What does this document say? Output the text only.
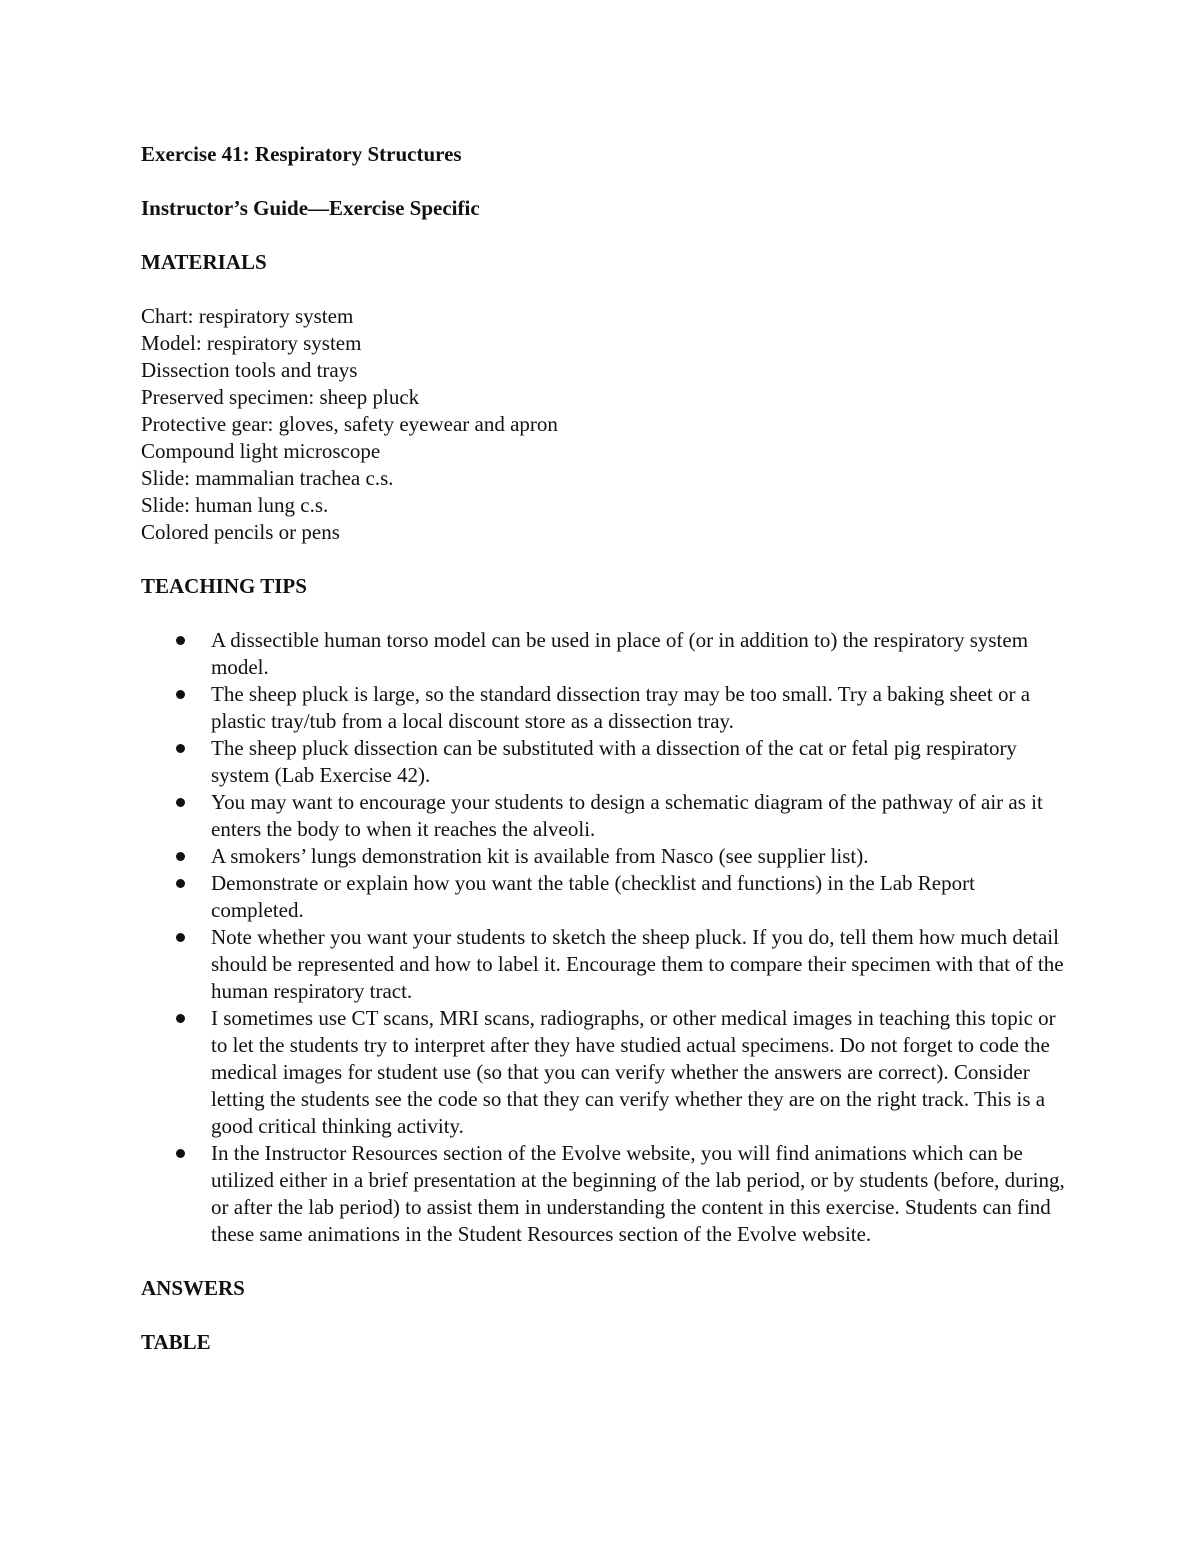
Exercise 41: Respiratory Structures

Instructor’s Guide—Exercise Specific

MATERIALS

Chart: respiratory system
Model: respiratory system
Dissection tools and trays
Preserved specimen: sheep pluck
Protective gear: gloves, safety eyewear and apron
Compound light microscope
Slide: mammalian trachea c.s.
Slide: human lung c.s.
Colored pencils or pens

TEACHING TIPS

A dissectible human torso model can be used in place of (or in addition to) the respiratory system model.
The sheep pluck is large, so the standard dissection tray may be too small. Try a baking sheet or a plastic tray/tub from a local discount store as a dissection tray.
The sheep pluck dissection can be substituted with a dissection of the cat or fetal pig respiratory system (Lab Exercise 42).
You may want to encourage your students to design a schematic diagram of the pathway of air as it enters the body to when it reaches the alveoli.
A smokers’ lungs demonstration kit is available from Nasco (see supplier list).
Demonstrate or explain how you want the table (checklist and functions) in the Lab Report completed.
Note whether you want your students to sketch the sheep pluck. If you do, tell them how much detail should be represented and how to label it. Encourage them to compare their specimen with that of the human respiratory tract.
I sometimes use CT scans, MRI scans, radiographs, or other medical images in teaching this topic or to let the students try to interpret after they have studied actual specimens. Do not forget to code the medical images for student use (so that you can verify whether the answers are correct). Consider letting the students see the code so that they can verify whether they are on the right track. This is a good critical thinking activity.
In the Instructor Resources section of the Evolve website, you will find animations which can be utilized either in a brief presentation at the beginning of the lab period, or by students (before, during, or after the lab period) to assist them in understanding the content in this exercise. Students can find these same animations in the Student Resources section of the Evolve website.

ANSWERS

TABLE
